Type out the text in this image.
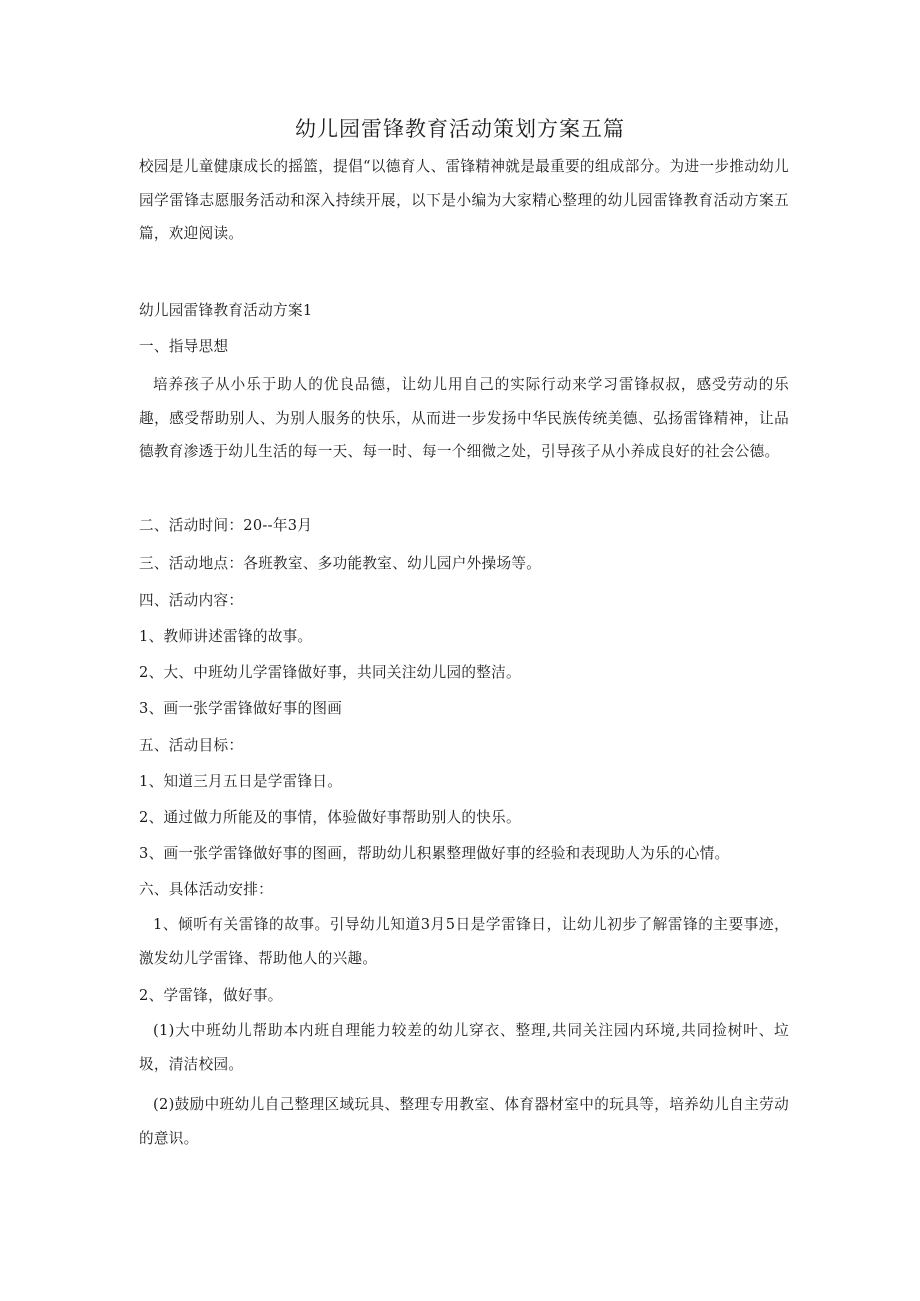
幼儿园雷锋教育活动策划方案五篇
校园是儿童健康成长的摇篮，提倡“以德育人、雷锋精神就是最重要的组成部分。为进一步推动幼儿园学雷锋志愿服务活动和深入持续开展，以下是小编为大家精心整理的幼儿园雷锋教育活动方案五篇，欢迎阅读。
幼儿园雷锋教育活动方案1
一、指导思想
培养孩子从小乐于助人的优良品德，让幼儿用自己的实际行动来学习雷锋叔叔，感受劳动的乐趣，感受帮助别人、为别人服务的快乐，从而进一步发扬中华民族传统美德、弘扬雷锋精神，让品德教育渗透于幼儿生活的每一天、每一时、每一个细微之处，引导孩子从小养成良好的社会公德。
二、活动时间：20--年3月
三、活动地点：各班教室、多功能教室、幼儿园户外操场等。
四、活动内容：
1、教师讲述雷锋的故事。
2、大、中班幼儿学雷锋做好事，共同关注幼儿园的整洁。
3、画一张学雷锋做好事的图画
五、活动目标：
1、知道三月五日是学雷锋日。
2、通过做力所能及的事情，体验做好事帮助别人的快乐。
3、画一张学雷锋做好事的图画，帮助幼儿积累整理做好事的经验和表现助人为乐的心情。
六、具体活动安排：
1、倾听有关雷锋的故事。引导幼儿知道3月5日是学雷锋日，让幼儿初步了解雷锋的主要事迹，激发幼儿学雷锋、帮助他人的兴趣。
2、学雷锋，做好事。
(1)大中班幼儿帮助本内班自理能力较差的幼儿穿衣、整理,共同关注园内环境,共同捡树叶、垃圾，清洁校园。
(2)鼓励中班幼儿自己整理区域玩具、整理专用教室、体育器材室中的玩具等，培养幼儿自主劳动的意识。
